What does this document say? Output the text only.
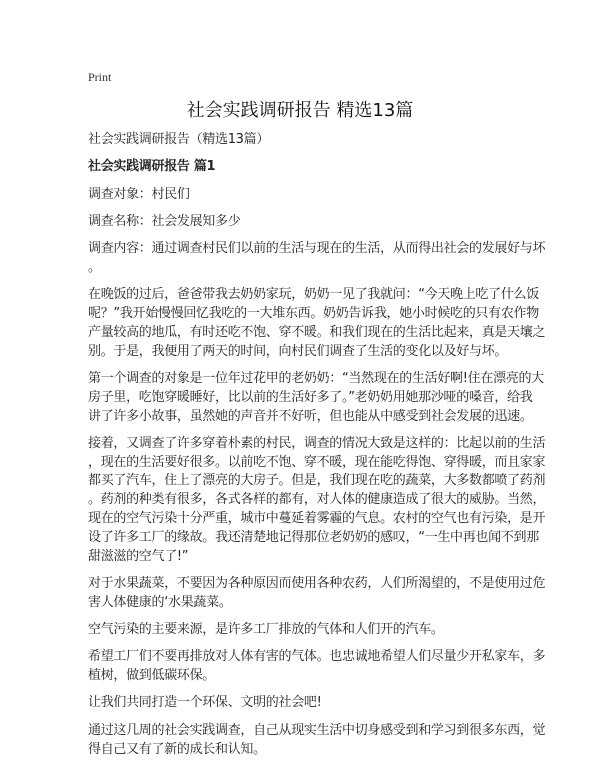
Print
社会实践调研报告 精选13篇
社会实践调研报告（精选13篇）
社会实践调研报告 篇1
调查对象：村民们
调查名称：社会发展知多少
调查内容：通过调查村民们以前的生活与现在的生活，从而得出社会的发展好与坏
。
在晚饭的过后，爸爸带我去奶奶家玩，奶奶一见了我就问：“今天晚上吃了什么饭
呢？”我开始慢慢回忆我吃的一大堆东西。奶奶告诉我，她小时候吃的只有农作物
产量较高的地瓜，有时还吃不饱、穿不暖。和我们现在的生活比起来，真是天壤之
别。于是，我便用了两天的时间，向村民们调查了生活的变化以及好与坏。
第一个调查的对象是一位年过花甲的老奶奶：“当然现在的生活好啊!住在漂亮的大
房子里，吃饱穿暖睡好，比以前的生活好多了。”老奶奶用她那沙哑的嗓音，给我
讲了许多小故事，虽然她的声音并不好听，但也能从中感受到社会发展的迅速。
接着，又调查了许多穿着朴素的村民，调查的情况大致是这样的：比起以前的生活
，现在的生活要好很多。以前吃不饱、穿不暖，现在能吃得饱、穿得暖，而且家家
都买了汽车，住上了漂亮的大房子。但是，我们现在吃的蔬菜，大多数都喷了药剂
。药剂的种类有很多，各式各样的都有，对人体的健康造成了很大的威胁。当然，
现在的空气污染十分严重，城市中蔓延着雾霾的气息。农村的空气也有污染，是开
设了许多工厂的缘故。我还清楚地记得那位老奶奶的感叹，“一生中再也闻不到那
甜滋滋的空气了!”
对于水果蔬菜，不要因为各种原因而使用各种农药，人们所渴望的，不是使用过危
害人体健康的‘水果蔬菜。
空气污染的主要来源，是许多工厂排放的气体和人们开的汽车。
希望工厂们不要再排放对人体有害的气体。也忠诚地希望人们尽量少开私家车，多
植树，做到低碳环保。
让我们共同打造一个环保、文明的社会吧!
通过这几周的社会实践调查，自己从现实生活中切身感受到和学习到很多东西，觉
得自己又有了新的成长和认知。
